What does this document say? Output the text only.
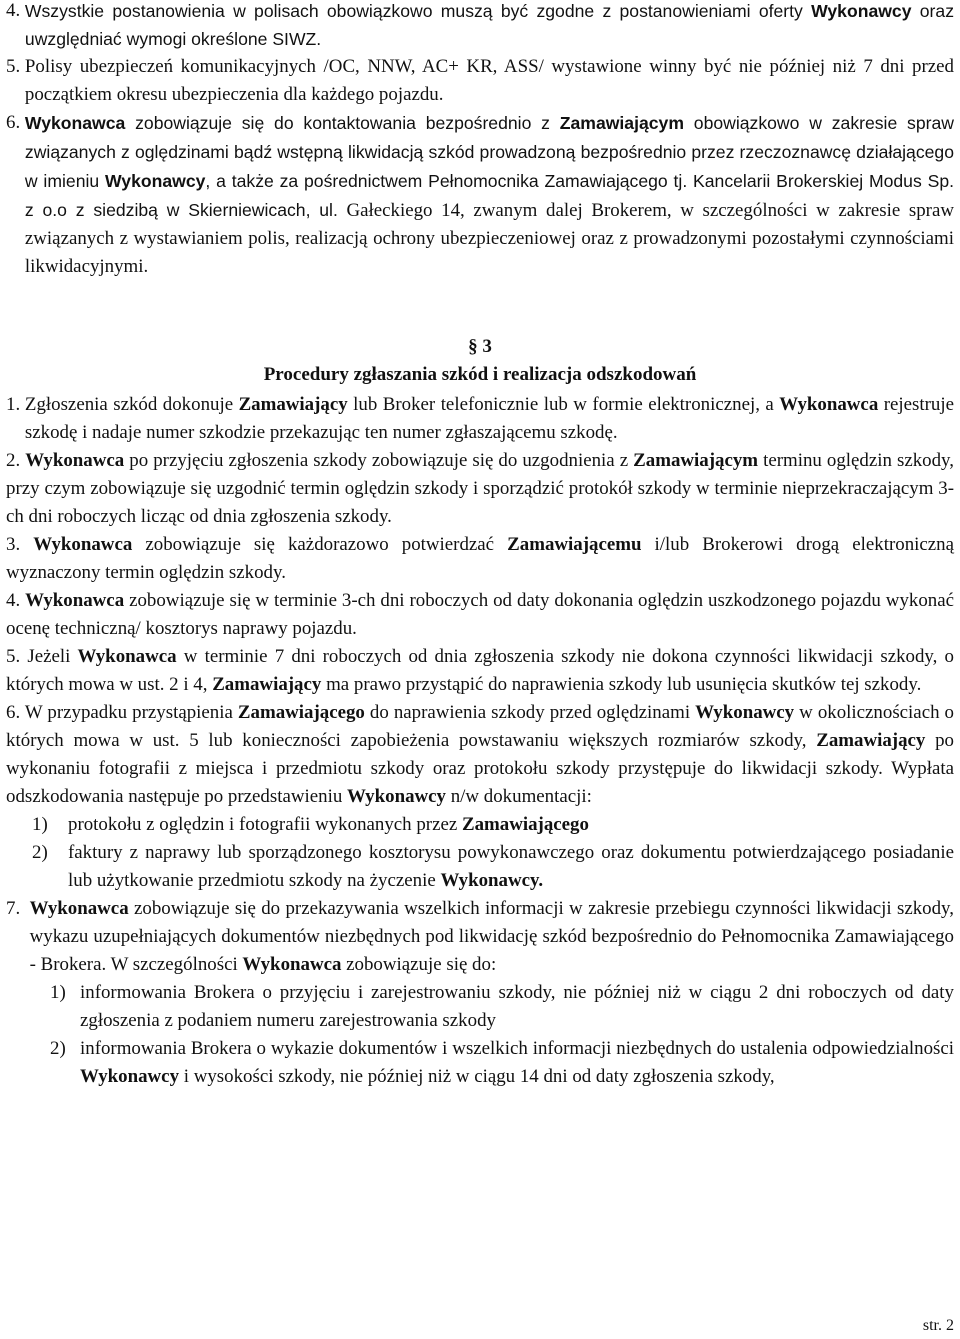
4.
Wszystkie postanowienia w polisach obowiązkowo muszą być zgodne z postanowieniami oferty Wykonawcy oraz uwzględniać wymogi określone SIWZ.
5.
Polisy ubezpieczeń komunikacyjnych /OC, NNW, AC+ KR, ASS/ wystawione winny być nie później niż 7 dni przed początkiem okresu ubezpieczenia dla każdego pojazdu.
6.
Wykonawca zobowiązuje się do kontaktowania bezpośrednio z Zamawiającym obowiązkowo w zakresie spraw związanych z oględzinami bądź wstępną likwidacją szkód prowadzoną bezpośrednio przez rzeczoznawcę działającego w imieniu Wykonawcy, a także za pośrednictwem Pełnomocnika Zamawiającego tj. Kancelarii Brokerskiej Modus Sp. z o.o z siedzibą w Skierniewicach, ul. Gałeckiego 14, zwanym dalej Brokerem, w szczególności w zakresie spraw związanych z wystawianiem polis, realizacją ochrony ubezpieczeniowej oraz z prowadzonymi pozostałymi czynnościami likwidacyjnymi.

§ 3

Procedury zgłaszania szkód i realizacja odszkodowań

1.
Zgłoszenia szkód dokonuje Zamawiający lub Broker telefonicznie lub w formie elektronicznej, a Wykonawca rejestruje szkodę i nadaje numer szkodzie przekazując ten numer zgłaszającemu szkodę.
2. Wykonawca po przyjęciu zgłoszenia szkody zobowiązuje się do uzgodnienia z Zamawiającym terminu oględzin szkody, przy czym zobowiązuje się uzgodnić termin oględzin szkody i sporządzić protokół szkody w terminie nieprzekraczającym 3-ch dni roboczych licząc od dnia zgłoszenia szkody.
3. Wykonawca zobowiązuje się każdorazowo potwierdzać Zamawiającemu i/lub Brokerowi drogą elektroniczną wyznaczony termin oględzin szkody.
4. Wykonawca zobowiązuje się w terminie 3-ch dni roboczych od daty dokonania oględzin uszkodzonego pojazdu wykonać ocenę techniczną/ kosztorys naprawy pojazdu.
5. Jeżeli Wykonawca w terminie 7 dni roboczych od dnia zgłoszenia szkody nie dokona czynności likwidacji szkody, o których mowa w ust. 2 i 4, Zamawiający ma prawo przystąpić do naprawienia szkody lub usunięcia skutków tej szkody.
6. W przypadku przystąpienia Zamawiającego do naprawienia szkody przed oględzinami Wykonawcy w okolicznościach o których mowa w ust. 5 lub konieczności zapobieżenia powstawaniu większych rozmiarów szkody, Zamawiający po wykonaniu fotografii z miejsca i przedmiotu szkody oraz protokołu szkody przystępuje do likwidacji szkody. Wypłata odszkodowania następuje po przedstawieniu Wykonawcy n/w dokumentacji:
1)	protokołu z oględzin i fotografii wykonanych przez Zamawiającego
2)	faktury z naprawy lub sporządzonego kosztorysu powykonawczego oraz dokumentu potwierdzającego posiadanie lub użytkowanie przedmiotu szkody na życzenie Wykonawcy.
7.
Wykonawca zobowiązuje się do przekazywania wszelkich informacji w zakresie przebiegu czynności likwidacji szkody, wykazu uzupełniających dokumentów niezbędnych pod likwidację szkód bezpośrednio do Pełnomocnika Zamawiającego - Brokera. W szczególności Wykonawca zobowiązuje się do:
1) informowania Brokera o przyjęciu i zarejestrowaniu szkody, nie później niż w ciągu 2 dni roboczych od daty zgłoszenia z podaniem numeru zarejestrowania szkody
2) informowania Brokera o wykazie dokumentów i wszelkich informacji niezbędnych do ustalenia odpowiedzialności Wykonawcy i wysokości szkody, nie później niż w ciągu 14 dni od daty zgłoszenia szkody,
str. 2
